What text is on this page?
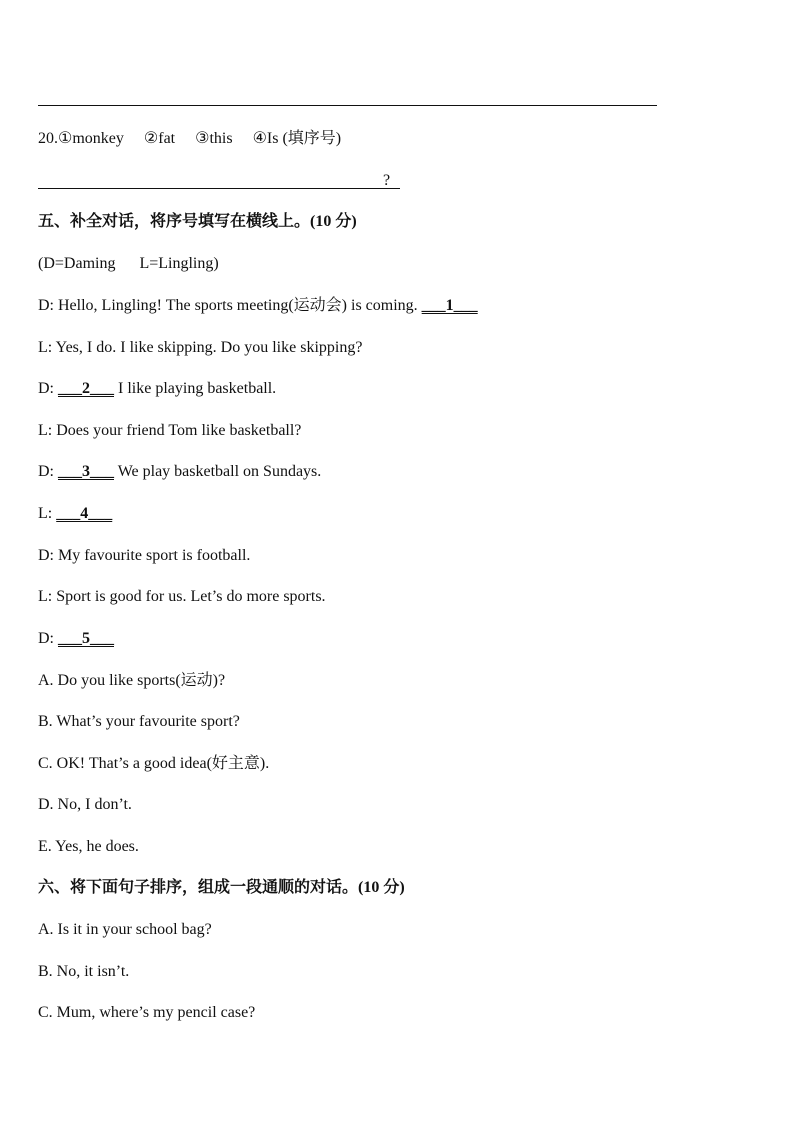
20.①monkey ②fat ③this ④Is (填序号)
?
五、补全对话，将序号填写在横线上。(10 分)
(D=Daming      L=Lingling)
D: Hello, Lingling! The sports meeting(运动会) is coming. ___1___
L: Yes, I do. I like skipping. Do you like skipping?
D: ___2___ I like playing basketball.
L: Does your friend Tom like basketball?
D: ___3___ We play basketball on Sundays.
L: ___4___
D: My favourite sport is football.
L: Sport is good for us. Let’s do more sports.
D: ___5___
A. Do you like sports(运动)?
B. What’s your favourite sport?
C. OK! That’s a good idea(好主意).
D. No, I don’t.
E. Yes, he does.
六、将下面句子排序，组成一段通顺的对话。(10 分)
A. Is it in your school bag?
B. No, it isn’t.
C. Mum, where’s my pencil case?
